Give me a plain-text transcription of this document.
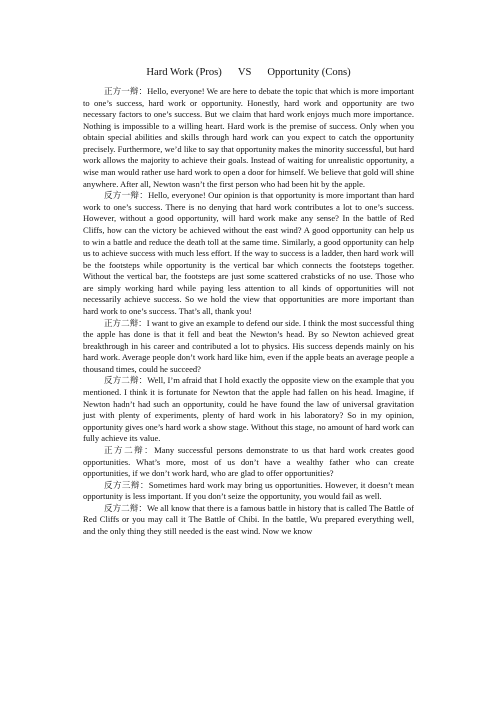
Hard Work (Pros) VS Opportunity (Cons)

正方一辩：Hello, everyone! We are here to debate the topic that which is more important to one’s success, hard work or opportunity. Honestly, hard work and opportunity are two necessary factors to one’s success. But we claim that hard work enjoys much more importance. Nothing is impossible to a willing heart. Hard work is the premise of success. Only when you obtain special abilities and skills through hard work can you expect to catch the opportunity precisely. Furthermore, we’d like to say that opportunity makes the minority successful, but hard work allows the majority to achieve their goals. Instead of waiting for unrealistic opportunity, a wise man would rather use hard work to open a door for himself. We believe that gold will shine anywhere. After all, Newton wasn’t the first person who had been hit by the apple.

反方一辩：Hello, everyone! Our opinion is that opportunity is more important than hard work to one’s success. There is no denying that hard work contributes a lot to one’s success. However, without a good opportunity, will hard work make any sense? In the battle of Red Cliffs, how can the victory be achieved without the east wind? A good opportunity can help us to win a battle and reduce the death toll at the same time. Similarly, a good opportunity can help us to achieve success with much less effort. If the way to success is a ladder, then hard work will be the footsteps while opportunity is the vertical bar which connects the footsteps together. Without the vertical bar, the footsteps are just some scattered crabsticks of no use. Those who are simply working hard while paying less attention to all kinds of opportunities will not necessarily achieve success. So we hold the view that opportunities are more important than hard work to one’s success. That’s all, thank you!

正方二辩：I want to give an example to defend our side. I think the most successful thing the apple has done is that it fell and beat the Newton’s head. By so Newton achieved great breakthrough in his career and contributed a lot to physics. His success depends mainly on his hard work. Average people don’t work hard like him, even if the apple beats an average people a thousand times, could he succeed?

反方二辩：Well, I’m afraid that I hold exactly the opposite view on the example that you mentioned. I think it is fortunate for Newton that the apple had fallen on his head. Imagine, if Newton hadn’t had such an opportunity, could he have found the law of universal gravitation just with plenty of experiments, plenty of hard work in his laboratory? So in my opinion, opportunity gives one’s hard work a show stage. Without this stage, no amount of hard work can fully achieve its value.

正方二辩：Many successful persons demonstrate to us that hard work creates good opportunities. What’s more, most of us don’t have a wealthy father who can create opportunities, if we don’t work hard, who are glad to offer opportunities?

反方三辩：Sometimes hard work may bring us opportunities. However, it doesn’t mean opportunity is less important. If you don’t seize the opportunity, you would fail as well.

反方二辩：We all know that there is a famous battle in history that is called The Battle of Red Cliffs or you may call it The Battle of Chibi. In the battle, Wu prepared everything well, and the only thing they still needed is the east wind. Now we know
